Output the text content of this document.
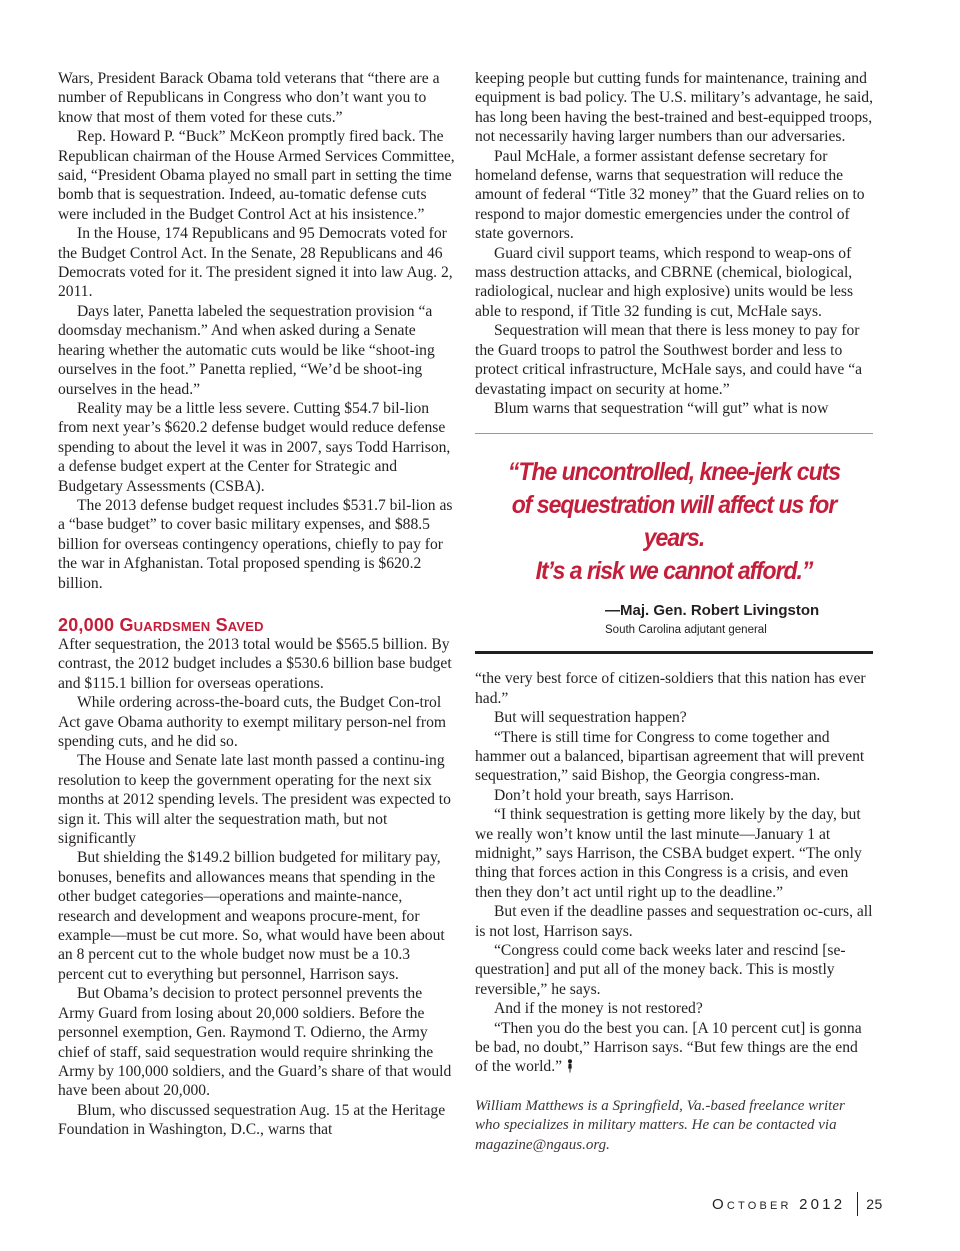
Wars, President Barack Obama told veterans that “there are a number of Republicans in Congress who don’t want you to know that most of them voted for these cuts.”

Rep. Howard P. “Buck” McKeon promptly fired back. The Republican chairman of the House Armed Services Committee, said, “President Obama played no small part in setting the time bomb that is sequestration. Indeed, au-tomatic defense cuts were included in the Budget Control Act at his insistence.”

In the House, 174 Republicans and 95 Democrats voted for the Budget Control Act. In the Senate, 28 Republicans and 46 Democrats voted for it. The president signed it into law Aug. 2, 2011.

Days later, Panetta labeled the sequestration provision “a doomsday mechanism.” And when asked during a Senate hearing whether the automatic cuts would be like “shoot-ing ourselves in the foot.” Panetta replied, “We’d be shoot-ing ourselves in the head.”

Reality may be a little less severe. Cutting $54.7 bil-lion from next year’s $620.2 defense budget would reduce defense spending to about the level it was in 2007, says Todd Harrison, a defense budget expert at the Center for Strategic and Budgetary Assessments (CSBA).

The 2013 defense budget request includes $531.7 bil-lion as a “base budget” to cover basic military expenses, and $88.5 billion for overseas contingency operations, chiefly to pay for the war in Afghanistan. Total proposed spending is $620.2 billion.

20,000 Guardsmen Saved

After sequestration, the 2013 total would be $565.5 billion. By contrast, the 2012 budget includes a $530.6 billion base budget and $115.1 billion for overseas operations.

While ordering across-the-board cuts, the Budget Con-trol Act gave Obama authority to exempt military person-nel from spending cuts, and he did so.

The House and Senate late last month passed a continu-ing resolution to keep the government operating for the next six months at 2012 spending levels. The president was expected to sign it. This will alter the sequestration math, but not significantly

But shielding the $149.2 billion budgeted for military pay, bonuses, benefits and allowances means that spending in the other budget categories—operations and mainte-nance, research and development and weapons procure-ment, for example—must be cut more. So, what would have been about an 8 percent cut to the whole budget now must be a 10.3 percent cut to everything but personnel, Harrison says.

But Obama’s decision to protect personnel prevents the Army Guard from losing about 20,000 soldiers. Before the personnel exemption, Gen. Raymond T. Odierno, the Army chief of staff, said sequestration would require shrinking the Army by 100,000 soldiers, and the Guard’s share of that would have been about 20,000.

Blum, who discussed sequestration Aug. 15 at the Heritage Foundation in Washington, D.C., warns that

keeping people but cutting funds for maintenance, training and equipment is bad policy. The U.S. military’s advantage, he said, has long been having the best-trained and best-equipped troops, not necessarily having larger numbers than our adversaries.

Paul McHale, a former assistant defense secretary for homeland defense, warns that sequestration will reduce the amount of federal “Title 32 money” that the Guard relies on to respond to major domestic emergencies under the control of state governors.

Guard civil support teams, which respond to weap-ons of mass destruction attacks, and CBRNE (chemical, biological, radiological, nuclear and high explosive) units would be less able to respond, if Title 32 funding is cut, McHale says.

Sequestration will mean that there is less money to pay for the Guard troops to patrol the Southwest border and less to protect critical infrastructure, McHale says, and could have “a devastating impact on security at home.”

Blum warns that sequestration “will gut” what is now

“The uncontrolled, knee-jerk cuts
of sequestration will affect us for years.
It’s a risk we cannot afford.”
—Maj. Gen. Robert Livingston
South Carolina adjutant general

“the very best force of citizen-soldiers that this nation has ever had.”

But will sequestration happen?

“There is still time for Congress to come together and hammer out a balanced, bipartisan agreement that will prevent sequestration,” said Bishop, the Georgia congress-man.

Don’t hold your breath, says Harrison.

“I think sequestration is getting more likely by the day, but we really won’t know until the last minute—January 1 at midnight,” says Harrison, the CSBA budget expert. “The only thing that forces action in this Congress is a crisis, and even then they don’t act until right up to the deadline.”

But even if the deadline passes and sequestration oc-curs, all is not lost, Harrison says.

“Congress could come back weeks later and rescind [se-questration] and put all of the money back. This is mostly reversible,” he says.

And if the money is not restored?

“Then you do the best you can. [A 10 percent cut] is gonna be bad, no doubt,” Harrison says. “But few things are the end of the world.”

William Matthews is a Springfield, Va.-based freelance writer who specializes in military matters. He can be contacted via magazine@ngaus.org.

October 2012 25
